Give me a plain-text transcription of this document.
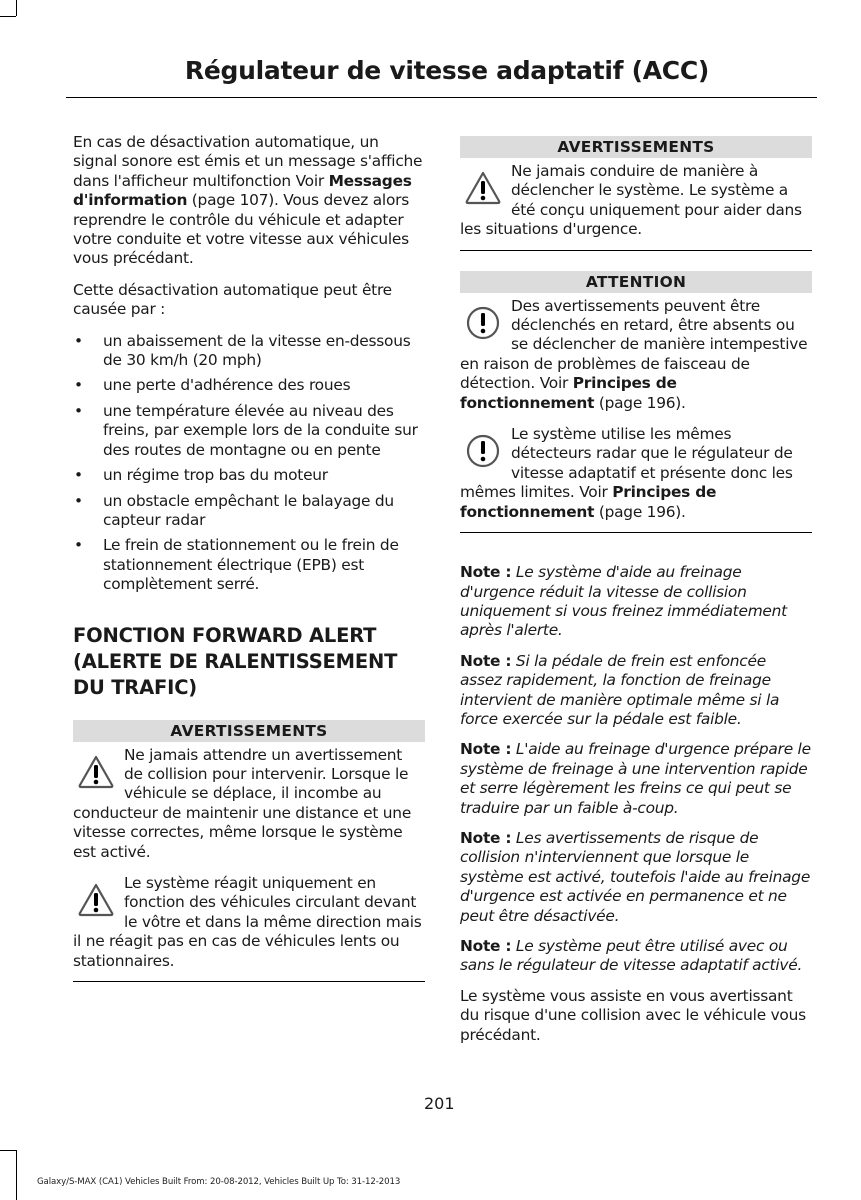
Régulateur de vitesse adaptatif (ACC)

En cas de désactivation automatique, un signal sonore est émis et un message s'affiche dans l'afficheur multifonction Voir Messages d'information (page 107). Vous devez alors reprendre le contrôle du véhicule et adapter votre conduite et votre vitesse aux véhicules vous précédant.

Cette désactivation automatique peut être causée par :

• un abaissement de la vitesse en-dessous de 30 km/h (20 mph)
• une perte d'adhérence des roues
• une température élevée au niveau des freins, par exemple lors de la conduite sur des routes de montagne ou en pente
• un régime trop bas du moteur
• un obstacle empêchant le balayage du capteur radar
• Le frein de stationnement ou le frein de stationnement électrique (EPB) est complètement serré.
FONCTION FORWARD ALERT (ALERTE DE RALENTISSEMENT DU TRAFIC)
AVERTISSEMENTS
Ne jamais attendre un avertissement de collision pour intervenir. Lorsque le véhicule se déplace, il incombe au conducteur de maintenir une distance et une vitesse correctes, même lorsque le système est activé.
Le système réagit uniquement en fonction des véhicules circulant devant le vôtre et dans la même direction mais il ne réagit pas en cas de véhicules lents ou stationnaires.
AVERTISSEMENTS
Ne jamais conduire de manière à déclencher le système. Le système a été conçu uniquement pour aider dans les situations d'urgence.
ATTENTION
Des avertissements peuvent être déclenchés en retard, être absents ou se déclencher de manière intempestive en raison de problèmes de faisceau de détection. Voir Principes de fonctionnement (page 196).
Le système utilise les mêmes détecteurs radar que le régulateur de vitesse adaptatif et présente donc les mêmes limites. Voir Principes de fonctionnement (page 196).

Note : Le système d'aide au freinage d'urgence réduit la vitesse de collision uniquement si vous freinez immédiatement après l'alerte.

Note : Si la pédale de frein est enfoncée assez rapidement, la fonction de freinage intervient de manière optimale même si la force exercée sur la pédale est faible.

Note : L'aide au freinage d'urgence prépare le système de freinage à une intervention rapide et serre légèrement les freins ce qui peut se traduire par un faible à-coup.

Note : Les avertissements de risque de collision n'interviennent que lorsque le système est activé, toutefois l'aide au freinage d'urgence est activée en permanence et ne peut être désactivée.

Note : Le système peut être utilisé avec ou sans le régulateur de vitesse adaptatif activé.

Le système vous assiste en vous avertissant du risque d'une collision avec le véhicule vous précédant.

201
Galaxy/S-MAX (CA1) Vehicles Built From: 20-08-2012, Vehicles Built Up To: 31-12-2013
